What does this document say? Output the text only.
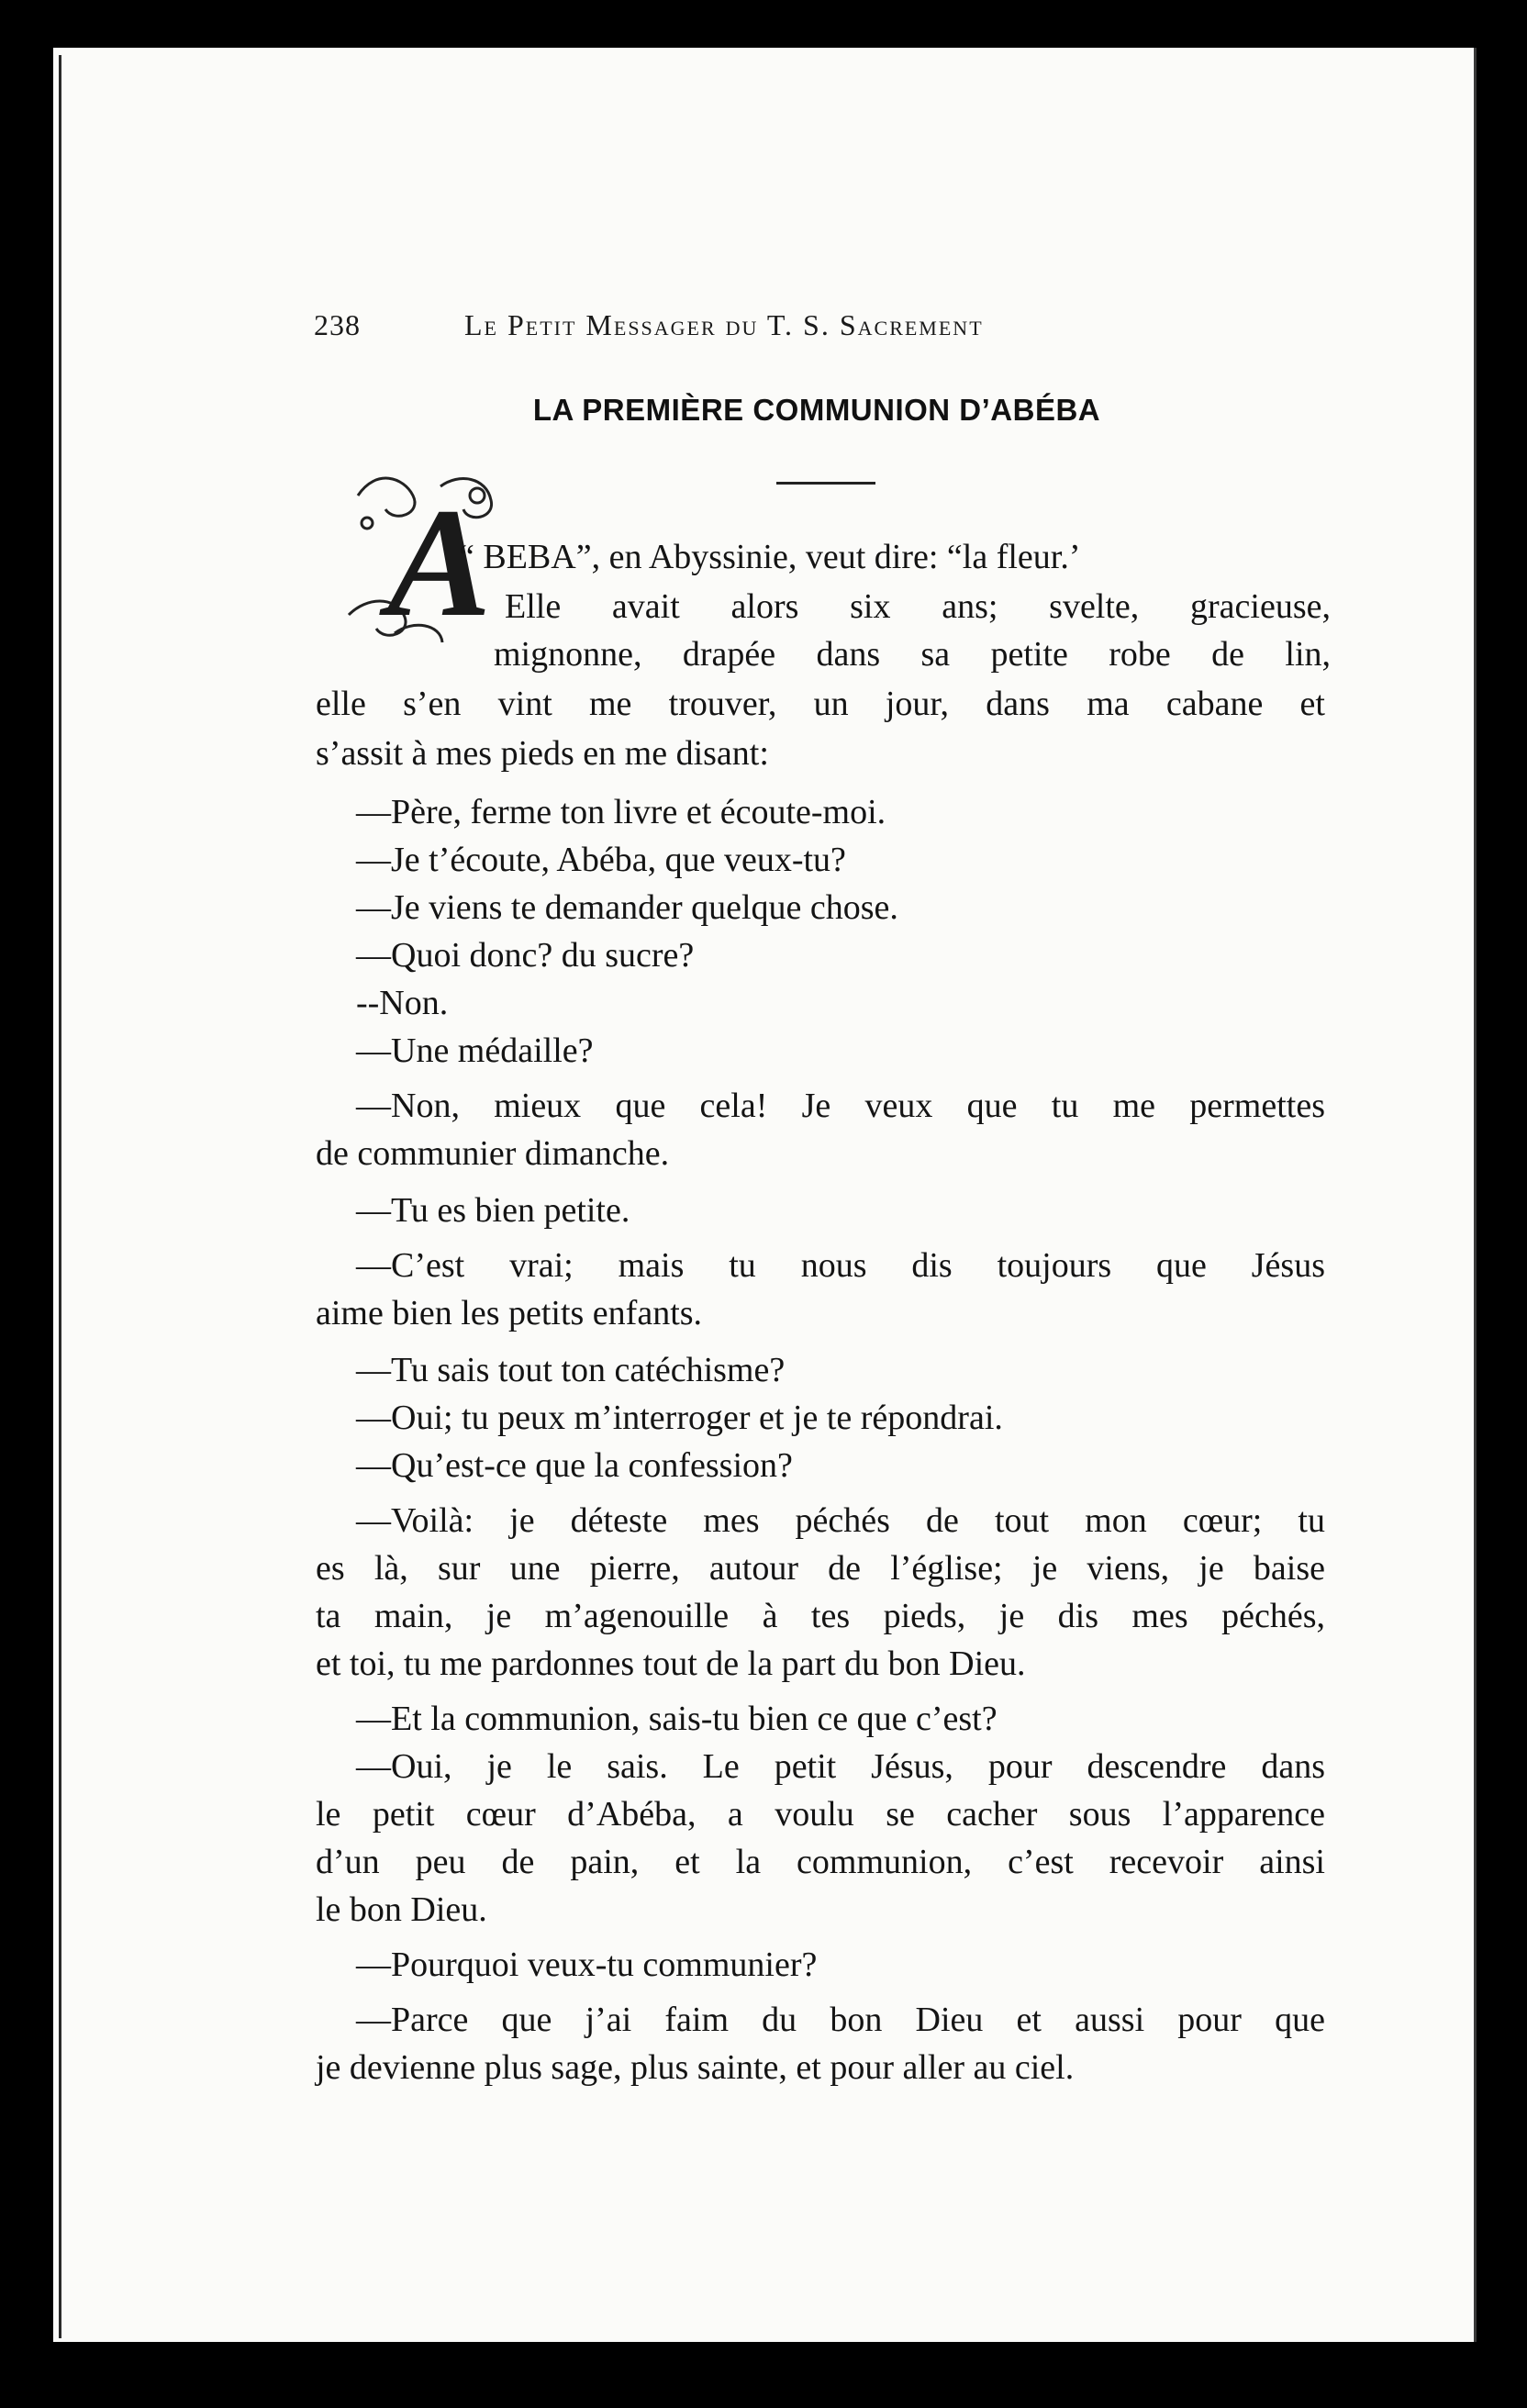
238	Le Petit Messager du T. S. Sacrement
LA PREMIÈRE COMMUNION D’ABÉBA
A
“ BEBA”, en Abyssinie, veut dire: “la fleur.’
Elle avait alors six ans; svelte, gracieuse,
mignonne, drapée dans sa petite robe de lin,
elle s’en vint me trouver, un jour, dans ma cabane et
s’assit à mes pieds en me disant:
—Père, ferme ton livre et écoute-moi.
—Je t’écoute, Abéba, que veux-tu?
—Je viens te demander quelque chose.
—Quoi donc? du sucre?
--Non.
—Une médaille?
—Non, mieux que cela! Je veux que tu me permettes
de communier dimanche.
—Tu es bien petite.
—C’est vrai; mais tu nous dis toujours que Jésus
aime bien les petits enfants.
—Tu sais tout ton catéchisme?
—Oui; tu peux m’interroger et je te répondrai.
—Qu’est-ce que la confession?
—Voilà: je déteste mes péchés de tout mon cœur; tu
es là, sur une pierre, autour de l’église; je viens, je baise
ta main, je m’agenouille à tes pieds, je dis mes péchés,
et toi, tu me pardonnes tout de la part du bon Dieu.
—Et la communion, sais-tu bien ce que c’est?
—Oui, je le sais. Le petit Jésus, pour descendre dans
le petit cœur d’Abéba, a voulu se cacher sous l’apparence
d’un peu de pain, et la communion, c’est recevoir ainsi
le bon Dieu.
—Pourquoi veux-tu communier?
—Parce que j’ai faim du bon Dieu et aussi pour que
je devienne plus sage, plus sainte, et pour aller au ciel.
